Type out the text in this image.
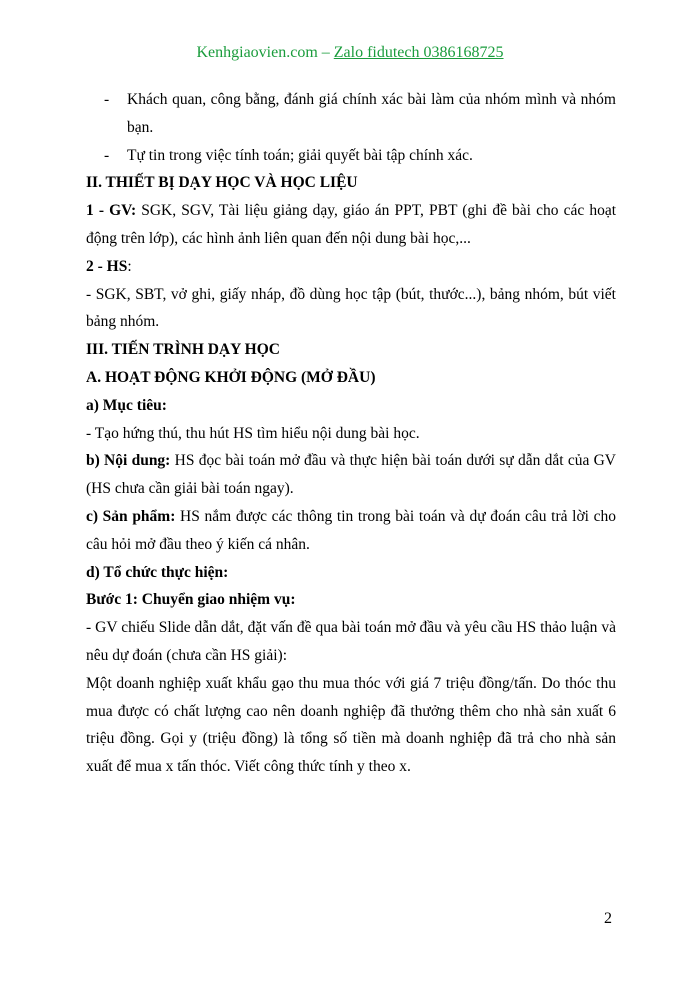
Kenhgiaovien.com – Zalo fidutech 0386168725
-	Khách quan, công bằng, đánh giá chính xác bài làm của nhóm mình và nhóm bạn.
-	Tự tin trong việc tính toán; giải quyết bài tập chính xác.

II. THIẾT BỊ DẠY HỌC VÀ HỌC LIỆU

1 - GV: SGK, SGV, Tài liệu giảng dạy, giáo án PPT, PBT (ghi đề bài cho các hoạt động trên lớp), các hình ảnh liên quan đến nội dung bài học,...

2 - HS:

- SGK, SBT, vở ghi, giấy nháp, đồ dùng học tập (bút, thước...), bảng nhóm, bút viết bảng nhóm.

III. TIẾN TRÌNH DẠY HỌC

A. HOẠT ĐỘNG KHỞI ĐỘNG (MỞ ĐẦU)

a) Mục tiêu:

- Tạo hứng thú, thu hút HS tìm hiểu nội dung bài học.

b) Nội dung: HS đọc bài toán mở đầu và thực hiện bài toán dưới sự dẫn dắt của GV (HS chưa cần giải bài toán ngay).

c) Sản phẩm: HS nắm được các thông tin trong bài toán và dự đoán câu trả lời cho câu hỏi mở đầu theo ý kiến cá nhân.

d) Tổ chức thực hiện:

Bước 1: Chuyển giao nhiệm vụ:

- GV chiếu Slide dẫn dắt, đặt vấn đề qua bài toán mở đầu và yêu cầu HS thảo luận và nêu dự đoán (chưa cần HS giải):

Một doanh nghiệp xuất khẩu gạo thu mua thóc với giá 7 triệu đồng/tấn. Do thóc thu mua được có chất lượng cao nên doanh nghiệp đã thưởng thêm cho nhà sản xuất 6 triệu đồng. Gọi y (triệu đồng) là tổng số tiền mà doanh nghiệp đã trả cho nhà sản xuất để mua x tấn thóc. Viết công thức tính y theo x.

2
